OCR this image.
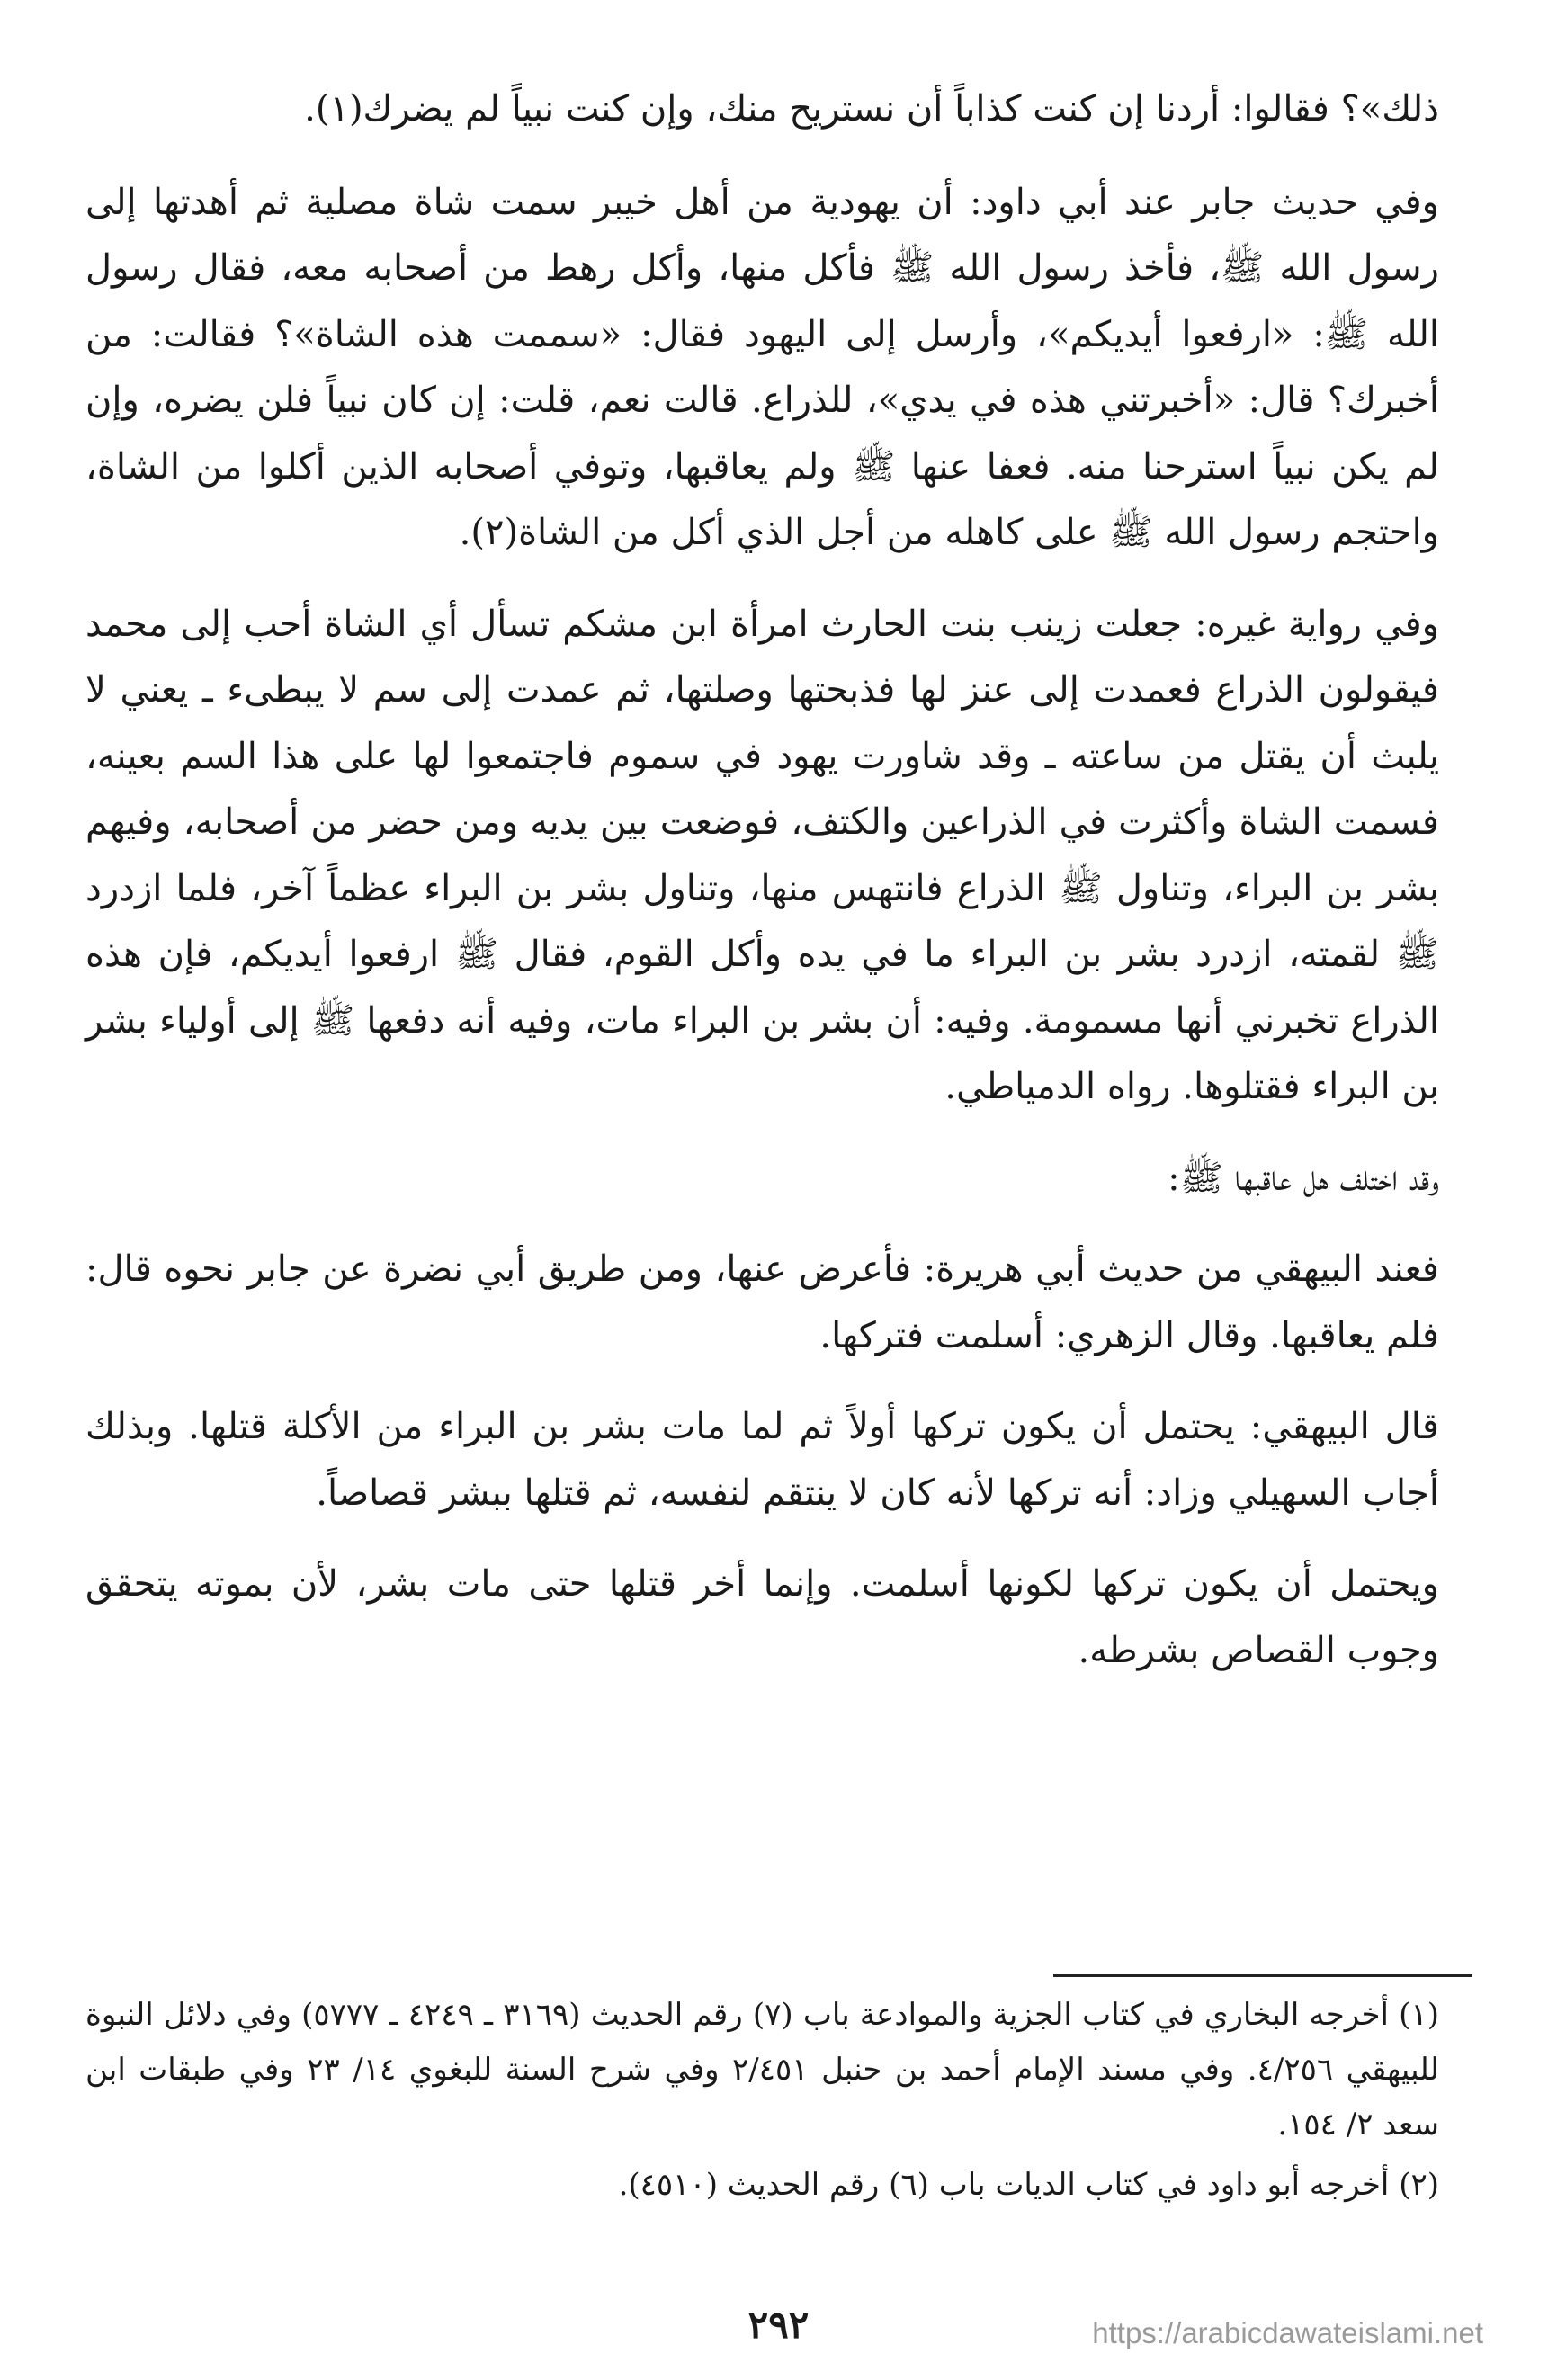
ذلك»؟ فقالوا: أردنا إن كنت كذاباً أن نستريح منك، وإن كنت نبياً لم يضرك(١).

وفي حديث جابر عند أبي داود: أن يهودية من أهل خيبر سمت شاة مصلية ثم أهدتها إلى رسول الله ﷺ، فأخذ رسول الله ﷺ فأكل منها، وأكل رهط من أصحابه معه، فقال رسول الله ﷺ: «ارفعوا أيديكم»، وأرسل إلى اليهود فقال: «سممت هذه الشاة»؟ فقالت: من أخبرك؟ قال: «أخبرتني هذه في يدي»، للذراع. قالت نعم، قلت: إن كان نبياً فلن يضره، وإن لم يكن نبياً استرحنا منه. فعفا عنها ﷺ ولم يعاقبها، وتوفي أصحابه الذين أكلوا من الشاة، واحتجم رسول الله ﷺ على كاهله من أجل الذي أكل من الشاة(٢).

وفي رواية غيره: جعلت زينب بنت الحارث امرأة ابن مشكم تسأل أي الشاة أحب إلى محمد فيقولون الذراع فعمدت إلى عنز لها فذبحتها وصلتها، ثم عمدت إلى سم لا يبطىء ـ يعني لا يلبث أن يقتل من ساعته ـ وقد شاورت يهود في سموم فاجتمعوا لها على هذا السم بعينه، فسمت الشاة وأكثرت في الذراعين والكتف، فوضعت بين يديه ومن حضر من أصحابه، وفيهم بشر بن البراء، وتناول ﷺ الذراع فانتهس منها، وتناول بشر بن البراء عظماً آخر، فلما ازدرد ﷺ لقمته، ازدرد بشر بن البراء ما في يده وأكل القوم، فقال ﷺ ارفعوا أيديكم، فإن هذه الذراع تخبرني أنها مسمومة. وفيه: أن بشر بن البراء مات، وفيه أنه دفعها ﷺ إلى أولياء بشر بن البراء فقتلوها. رواه الدمياطي.

وقد اختلف هل عاقبها ﷺ:

فعند البيهقي من حديث أبي هريرة: فأعرض عنها، ومن طريق أبي نضرة عن جابر نحوه قال: فلم يعاقبها. وقال الزهري: أسلمت فتركها.

قال البيهقي: يحتمل أن يكون تركها أولاً ثم لما مات بشر بن البراء من الأكلة قتلها. وبذلك أجاب السهيلي وزاد: أنه تركها لأنه كان لا ينتقم لنفسه، ثم قتلها ببشر قصاصاً.

ويحتمل أن يكون تركها لكونها أسلمت. وإنما أخر قتلها حتى مات بشر، لأن بموته يتحقق وجوب القصاص بشرطه.

(١) أخرجه البخاري في كتاب الجزية والموادعة باب (٧) رقم الحديث (٣١٦٩ ـ ٤٢٤٩ ـ ٥٧٧٧) وفي دلائل النبوة للبيهقي ٤/٢٥٦. وفي مسند الإمام أحمد بن حنبل ٢/٤٥١ وفي شرح السنة للبغوي ١٤/ ٢٣ وفي طبقات ابن سعد ٢/ ١٥٤.

(٢) أخرجه أبو داود في كتاب الديات باب (٦) رقم الحديث (٤٥١٠).

٢٩٢	https://arabicdawateislami.net
